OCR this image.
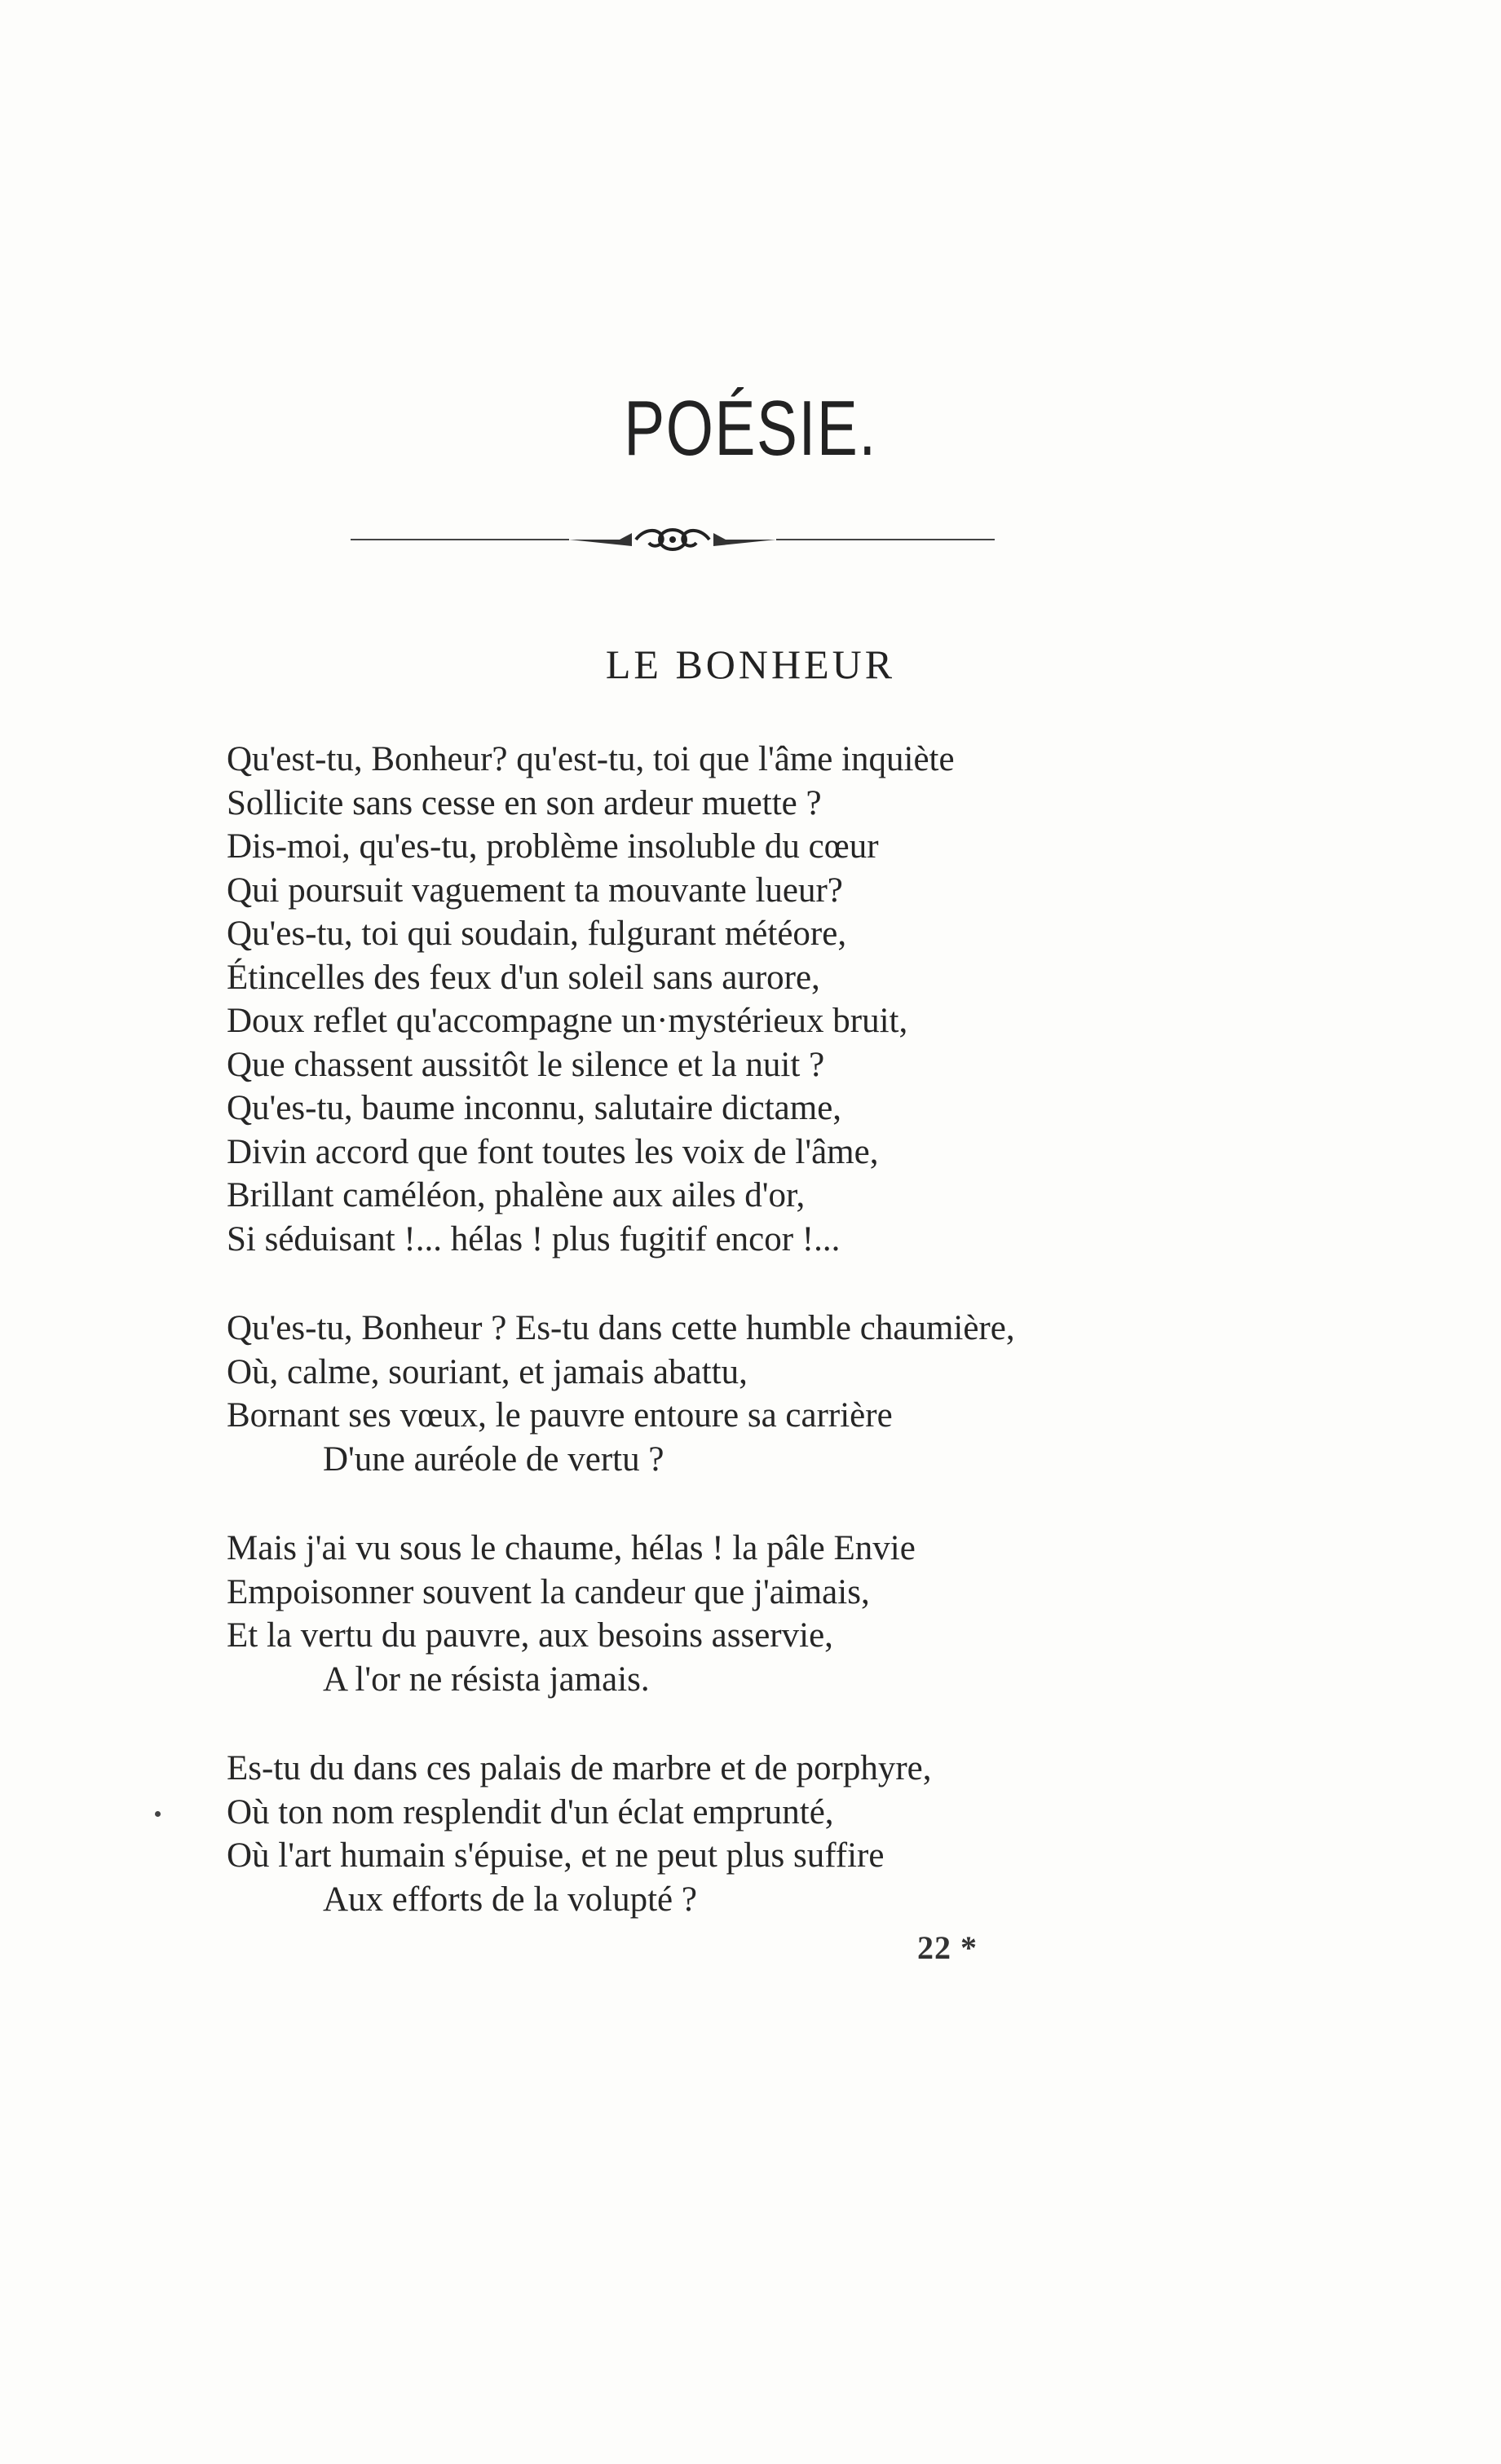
POÉSIE.
LE BONHEUR
Qu'est-tu, Bonheur? qu'est-tu, toi que l'âme inquiète
Sollicite sans cesse en son ardeur muette ?
Dis-moi, qu'es-tu, problème insoluble du cœur
Qui poursuit vaguement ta mouvante lueur?
Qu'es-tu, toi qui soudain, fulgurant météore,
Étincelles des feux d'un soleil sans aurore,
Doux reflet qu'accompagne un·mystérieux bruit,
Que chassent aussitôt le silence et la nuit ?
Qu'es-tu, baume inconnu, salutaire dictame,
Divin accord que font toutes les voix de l'âme,
Brillant caméléon, phalène aux ailes d'or,
Si séduisant !... hélas ! plus fugitif encor !...
Qu'es-tu, Bonheur ? Es-tu dans cette humble chaumière,
Où, calme, souriant, et jamais abattu,
Bornant ses vœux, le pauvre entoure sa carrière
D'une auréole de vertu ?
Mais j'ai vu sous le chaume, hélas ! la pâle Envie
Empoisonner souvent la candeur que j'aimais,
Et la vertu du pauvre, aux besoins asservie,
A l'or ne résista jamais.
Es-tu du dans ces palais de marbre et de porphyre,
Où ton nom resplendit d'un éclat emprunté,
Où l'art humain s'épuise, et ne peut plus suffire
Aux efforts de la volupté ?
22 *
